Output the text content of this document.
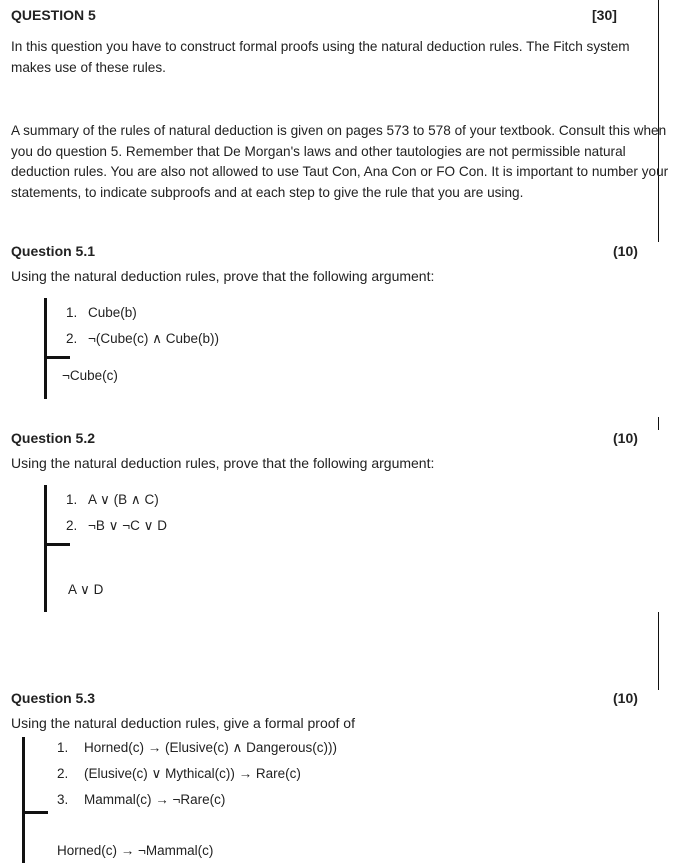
QUESTION 5	[30]
In this question you have to construct formal proofs using the natural deduction rules. The Fitch system makes use of these rules.
A summary of the rules of natural deduction is given on pages 573 to 578 of your textbook. Consult this when you do question 5. Remember that De Morgan's laws and other tautologies are not permissible natural deduction rules. You are also not allowed to use Taut Con, Ana Con or FO Con. It is important to number your statements, to indicate subproofs and at each step to give the rule that you are using.
Question 5.1	(10)
Using the natural deduction rules, prove that the following argument:
1. Cube(b)
2. ¬(Cube(c) ∧ Cube(b))
¬Cube(c)
Question 5.2	(10)
Using the natural deduction rules, prove that the following argument:
1. A ∨ (B ∧ C)
2. ¬B ∨ ¬C ∨ D
A ∨ D
Question 5.3	(10)
Using the natural deduction rules, give a formal proof of
1. Horned(c) → (Elusive(c) ∧ Dangerous(c)))
2. (Elusive(c) ∨ Mythical(c)) → Rare(c)
3. Mammal(c) → ¬Rare(c)
Horned(c) → ¬Mammal(c)
